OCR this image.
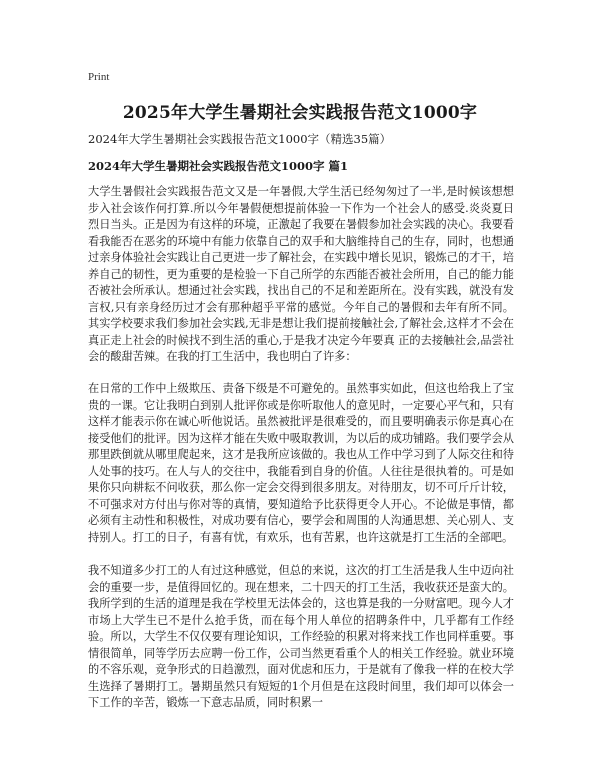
Print
2025年大学生暑期社会实践报告范文1000字
2024年大学生暑期社会实践报告范文1000字（精选35篇）
2024年大学生暑期社会实践报告范文1000字 篇1
大学生暑假社会实践报告范文又是一年暑假,大学生活已经匆匆过了一半,是时候该想想步入社会该作何打算.所以今年暑假便想提前体验一下作为一个社会人的感受.炎炎夏日烈日当头。正是因为有这样的环境，正激起了我要在暑假参加社会实践的决心。我要看看我能否在恶劣的环境中有能力依靠自己的双手和大脑维持自己的生存，同时，也想通过亲身体验社会实践让自己更进一步了解社会，在实践中增长见识，锻炼己的才干，培养自己的韧性，更为重要的是检验一下自己所学的东西能否被社会所用，自己的能力能否被社会所承认。想通过社会实践，找出自己的不足和差距所在。没有实践，就没有发言权,只有亲身经历过才会有那种超乎平常的感觉。今年自己的暑假和去年有所不同。其实学校要求我们参加社会实践,无非是想让我们提前接触社会,了解社会,这样才不会在真正走上社会的时候找不到生活的重心,于是我才决定今年要真 正的去接触社会,品尝社会的酸甜苦辣。在我的打工生活中，我也明白了许多：
在日常的工作中上级欺压、责备下级是不可避免的。虽然事实如此，但这也给我上了宝贵的一课。它让我明白到别人批评你或是你听取他人的意见时，一定要心平气和，只有这样才能表示你在诚心听他说话。虽然被批评是很难受的，而且要明确表示你是真心在接受他们的批评。因为这样才能在失败中吸取教训，为以后的成功铺路。我们要学会从那里跌倒就从哪里爬起来，这才是我所应该做的。我也从工作中学习到了人际交往和待人处事的技巧。在人与人的交往中，我能看到自身的价值。人往往是很执着的。可是如果你只向耕耘不问收获，那么你一定会交得到很多朋友。对待朋友，切不可斤斤计较，不可强求对方付出与你对等的真情，要知道给予比获得更令人开心。不论做是事情，都必须有主动性和积极性，对成功要有信心，要学会和周围的人沟通思想、关心别人、支持别人。打工的日子，有喜有忧，有欢乐，也有苦累，也许这就是打工生活的全部吧。
我不知道多少打工的人有过这种感觉，但总的来说，这次的打工生活是我人生中迈向社会的重要一步，是值得回忆的。现在想来，二十四天的打工生活，我收获还是蛮大的。我所学到的生活的道理是我在学校里无法体会的，这也算是我的一分财富吧。现今人才市场上大学生已不是什么抢手货，而在每个用人单位的招聘条件中，几乎都有工作经验。所以，大学生不仅仅要有理论知识，工作经验的积累对将来找工作也同样重要。事情很简单，同等学历去应聘一份工作，公司当然更看重个人的相关工作经验。就业环境的不容乐观，竞争形式的日趋激烈，面对优虑和压力，于是就有了像我一样的在校大学生选择了暑期打工。暑期虽然只有短短的1个月但是在这段时间里，我们却可以体会一下工作的辛苦，锻炼一下意志品质，同时积累一
